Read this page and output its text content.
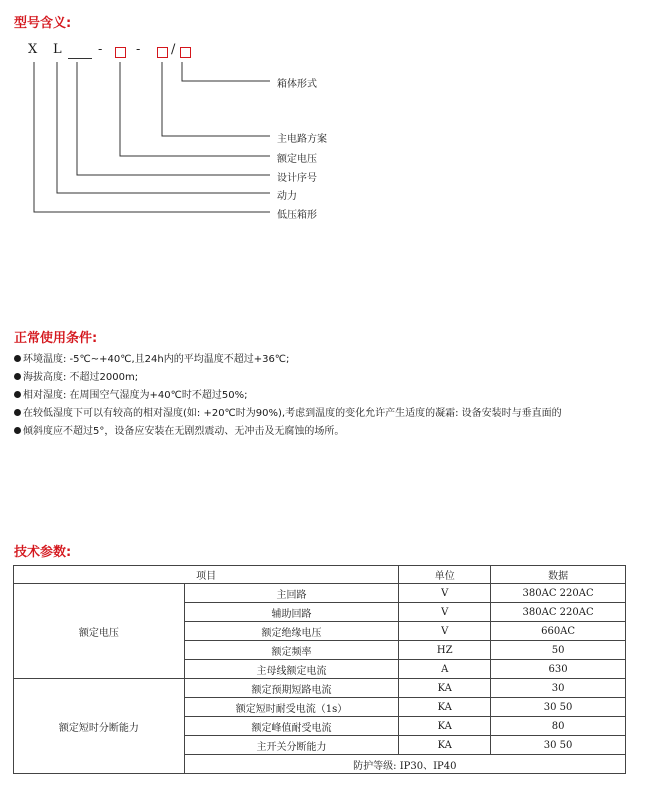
型号含义:
X L	-	- /
箱体形式
主电路方案
额定电压
设计序号
动力
低压箱形
正常使用条件:
环境温度: -5℃~+40℃,且24h内的平均温度不超过+36℃;
海拔高度: 不超过2000m;
相对湿度: 在周围空气湿度为+40℃时不超过50%;
在较低湿度下可以有较高的相对湿度(如: +20℃时为90%),考虑到温度的变化允许产生适度的凝霜: 设备安装时与垂直面的
倾斜度应不超过5°，设备应安装在无剧烈震动、无冲击及无腐蚀的场所。
技术参数:
项目		单位	数据
额定电压	主回路	V	380AC 220AC
	辅助回路	V	380AC 220AC
	额定绝缘电压	V	660AC
	额定频率	HZ	50
	主母线额定电流	A	630
额定短时分断能力	额定预期短路电流	KA	30
	额定短时耐受电流（1s）	KA	30 50
	额定峰值耐受电流	KA	80
	主开关分断能力	KA	30 50
	防护等级: IP30、IP40		
